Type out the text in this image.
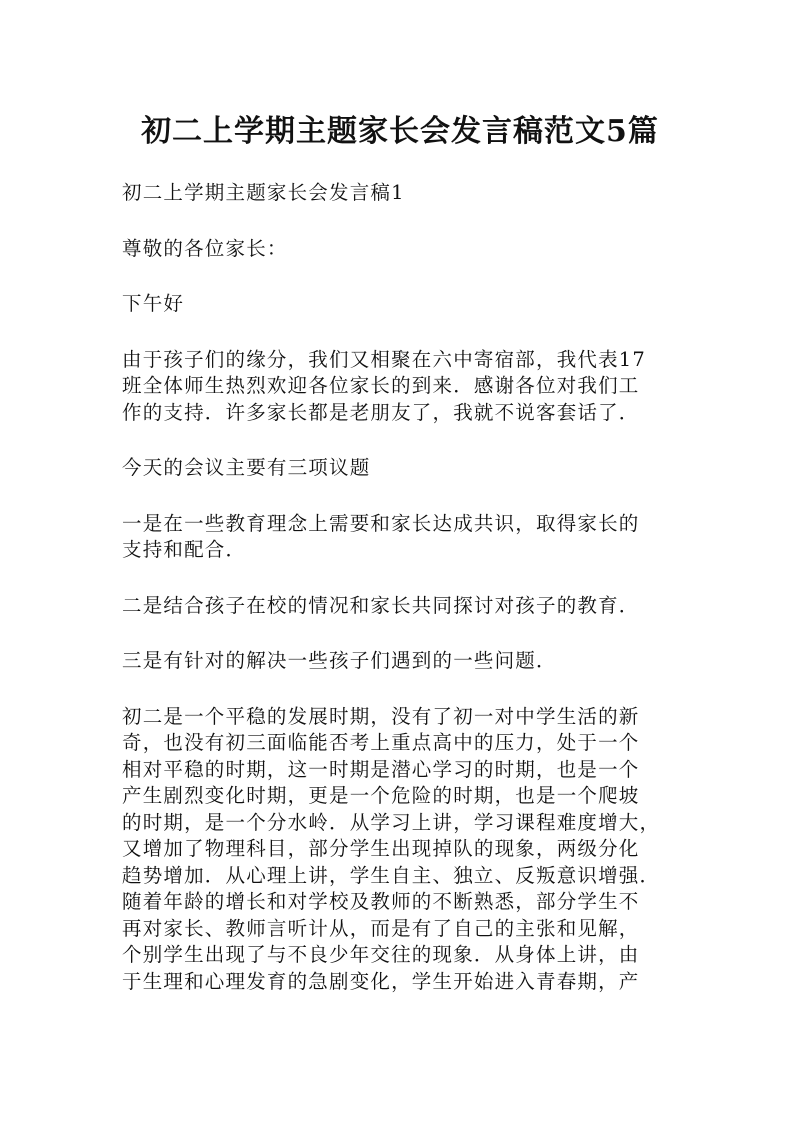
初二上学期主题家长会发言稿范文5篇

初二上学期主题家长会发言稿1

尊敬的各位家长：

下午好

由于孩子们的缘分，我们又相聚在六中寄宿部，我代表17
班全体师生热烈欢迎各位家长的到来．感谢各位对我们工
作的支持．许多家长都是老朋友了，我就不说客套话了．

今天的会议主要有三项议题

一是在一些教育理念上需要和家长达成共识，取得家长的
支持和配合．

二是结合孩子在校的情况和家长共同探讨对孩子的教育．

三是有针对的解决一些孩子们遇到的一些问题．

初二是一个平稳的发展时期，没有了初一对中学生活的新
奇，也没有初三面临能否考上重点高中的压力，处于一个
相对平稳的时期，这一时期是潜心学习的时期，也是一个
产生剧烈变化时期，更是一个危险的时期，也是一个爬坡
的时期，是一个分水岭．从学习上讲，学习课程难度增大，
又增加了物理科目，部分学生出现掉队的现象，两级分化
趋势增加．从心理上讲，学生自主、独立、反叛意识增强．
随着年龄的增长和对学校及教师的不断熟悉，部分学生不
再对家长、教师言听计从，而是有了自己的主张和见解，
个别学生出现了与不良少年交往的现象．从身体上讲，由
于生理和心理发育的急剧变化，学生开始进入青春期，产
